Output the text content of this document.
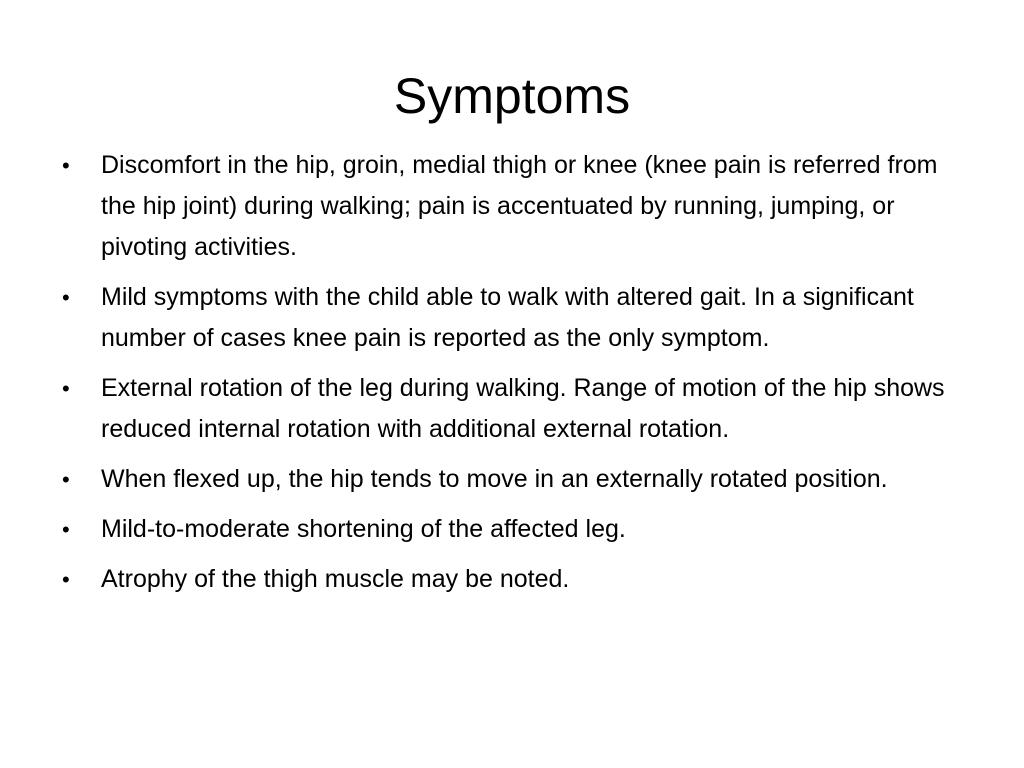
Symptoms
• Discomfort in the hip, groin, medial thigh or knee (knee pain is referred from the hip joint) during walking; pain is accentuated by running, jumping, or pivoting activities.
• Mild symptoms with the child able to walk with altered gait. In a significant number of cases knee pain is reported as the only symptom.
• External rotation of the leg during walking. Range of motion of the hip shows reduced internal rotation with additional external rotation.
• When flexed up, the hip tends to move in an externally rotated position.
• Mild-to-moderate shortening of the affected leg.
• Atrophy of the thigh muscle may be noted.
